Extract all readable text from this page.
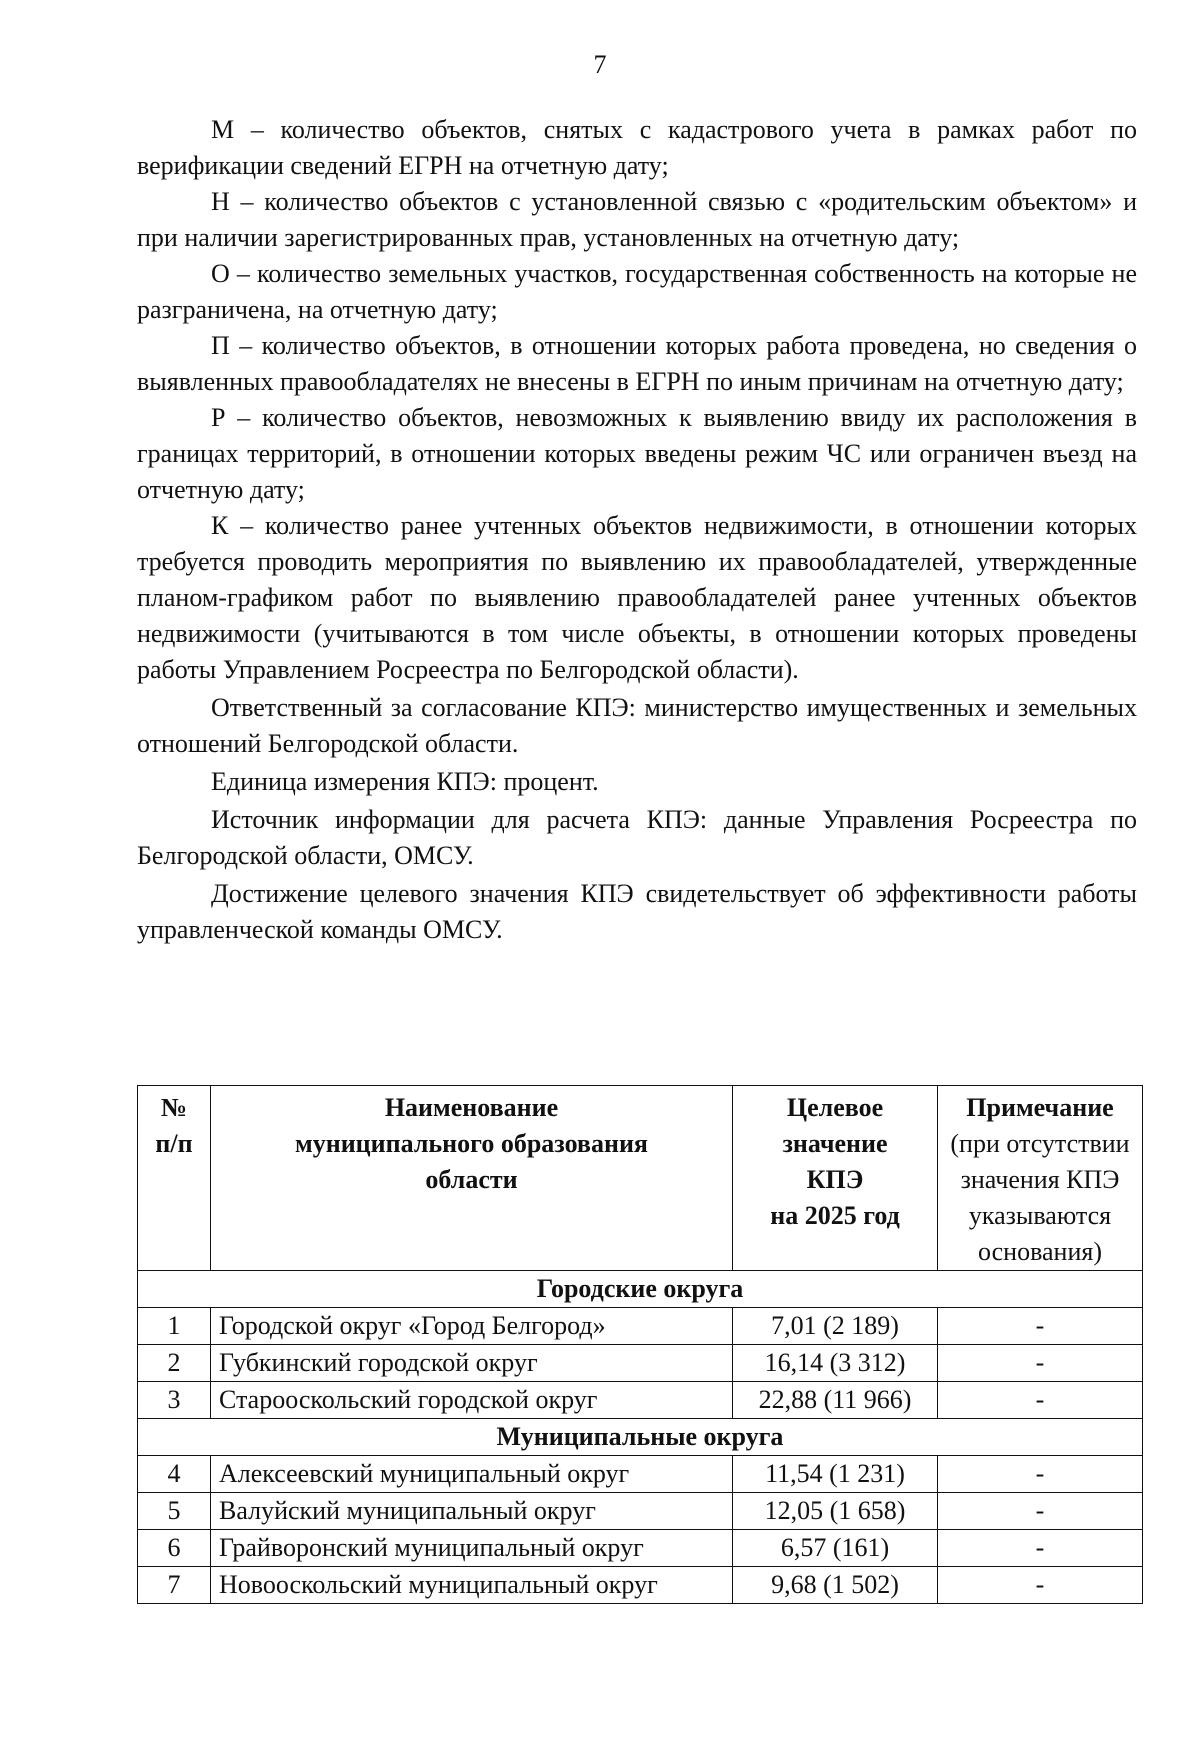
7

М – количество объектов, снятых с кадастрового учета в рамках работ по верификации сведений ЕГРН на отчетную дату;

Н – количество объектов с установленной связью с «родительским объектом» и при наличии зарегистрированных прав, установленных на отчетную дату;

О – количество земельных участков, государственная собственность на которые не разграничена, на отчетную дату;

П – количество объектов, в отношении которых работа проведена, но сведения о выявленных правообладателях не внесены в ЕГРН по иным причинам на отчетную дату;

Р – количество объектов, невозможных к выявлению ввиду их расположения в границах территорий, в отношении которых введены режим ЧС или ограничен въезд на отчетную дату;

К – количество ранее учтенных объектов недвижимости, в отношении которых требуется проводить мероприятия по выявлению их правообладателей, утвержденные планом-графиком работ по выявлению правообладателей ранее учтенных объектов недвижимости (учитываются в том числе объекты, в отношении которых проведены работы Управлением Росреестра по Белгородской области).

Ответственный за согласование КПЭ: министерство имущественных и земельных отношений Белгородской области.

Единица измерения КПЭ: процент.

Источник информации для расчета КПЭ: данные Управления Росреестра по Белгородской области, ОМСУ.

Достижение целевого значения КПЭ свидетельствует об эффективности работы управленческой команды ОМСУ.

№
п/п	Наименование
муниципального образования
области	Целевое
значение
КПЭ
на 2025 год	Примечание
(при отсутствии
значения КПЭ
указываются
основания)

Городские округа			
1	Городской округ «Город Белгород»	7,01 (2 189)	-
2	Губкинский городской округ	16,14 (3 312)	-
3	Старооскольский городской округ	22,88 (11 966)	-
Муниципальные округа			
4	Алексеевский муниципальный округ	11,54 (1 231)	-
5	Валуйский муниципальный округ	12,05 (1 658)	-
6	Грайворонский муниципальный округ	6,57 (161)	-
7	Новооскольский муниципальный округ	9,68 (1 502)	-
